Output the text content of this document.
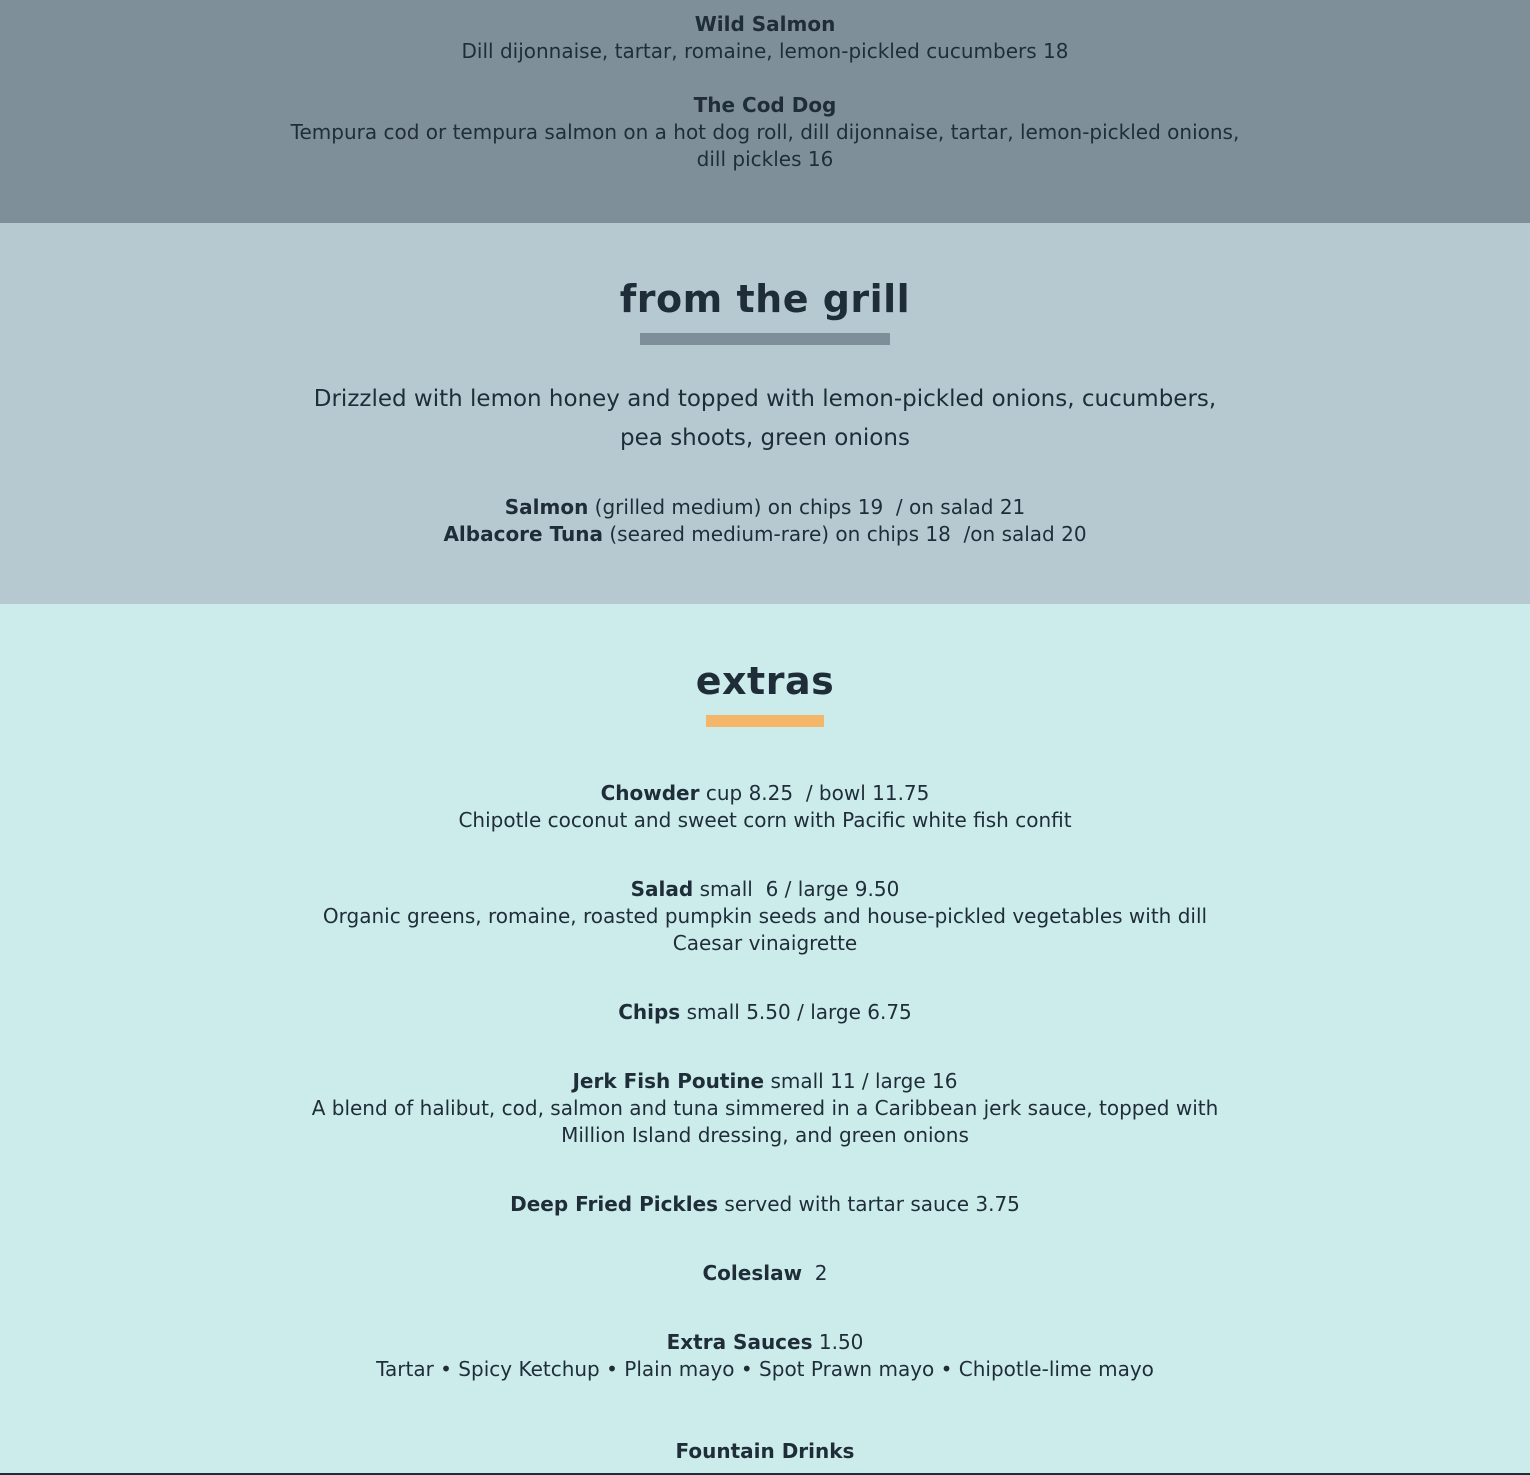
Wild Salmon
Dill dijonnaise, tartar, romaine, lemon-pickled cucumbers 18
The Cod Dog
Tempura cod or tempura salmon on a hot dog roll, dill dijonnaise, tartar, lemon-pickled onions,
dill pickles 16
from the grill
Drizzled with lemon honey and topped with lemon-pickled onions, cucumbers,
pea shoots, green onions
Salmon (grilled medium) on chips 19  / on salad 21
Albacore Tuna (seared medium-rare) on chips 18  /on salad 20
extras
Chowder cup 8.25  / bowl 11.75
Chipotle coconut and sweet corn with Pacific white fish confit
Salad small  6 / large 9.50
Organic greens, romaine, roasted pumpkin seeds and house-pickled vegetables with dill
Caesar vinaigrette
Chips small 5.50 / large 6.75
Jerk Fish Poutine small 11 / large 16
A blend of halibut, cod, salmon and tuna simmered in a Caribbean jerk sauce, topped with
Million Island dressing, and green onions
Deep Fried Pickles served with tartar sauce 3.75
Coleslaw  2
Extra Sauces 1.50
Tartar • Spicy Ketchup • Plain mayo • Spot Prawn mayo • Chipotle-lime mayo
Fountain Drinks
